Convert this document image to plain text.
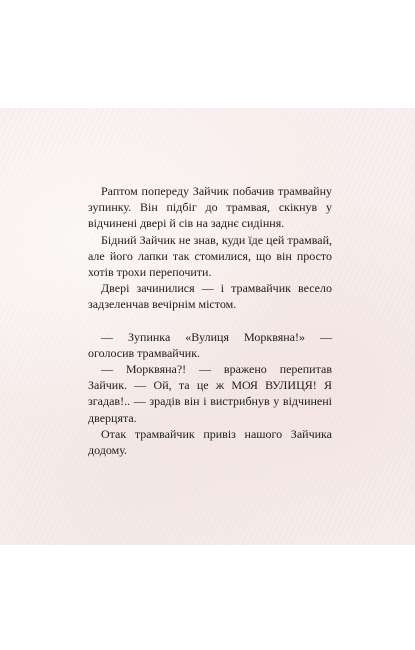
Раптом попереду Зайчик побачив трамвайну зупинку. Він підбіг до трамвая, скікнув у відчинені двері й сів на заднє сидіння.

Бідний Зайчик не знав, куди їде цей трамвай, але його лапки так стомилися, що він просто хотів трохи перепочити.

Двері зачинилися — і трамвайчик весело задзеленчав вечірнім містом.

— Зупинка «Вулиця Морквяна!» — оголосив трамвайчик.

— Морквяна?! — вражено перепитав Зайчик. — Ой, та це ж МОЯ ВУЛИЦЯ! Я згадав!.. — зрадів він і вистрибнув у відчинені дверцята.

Отак трамвайчик привіз нашого Зайчика додому.
